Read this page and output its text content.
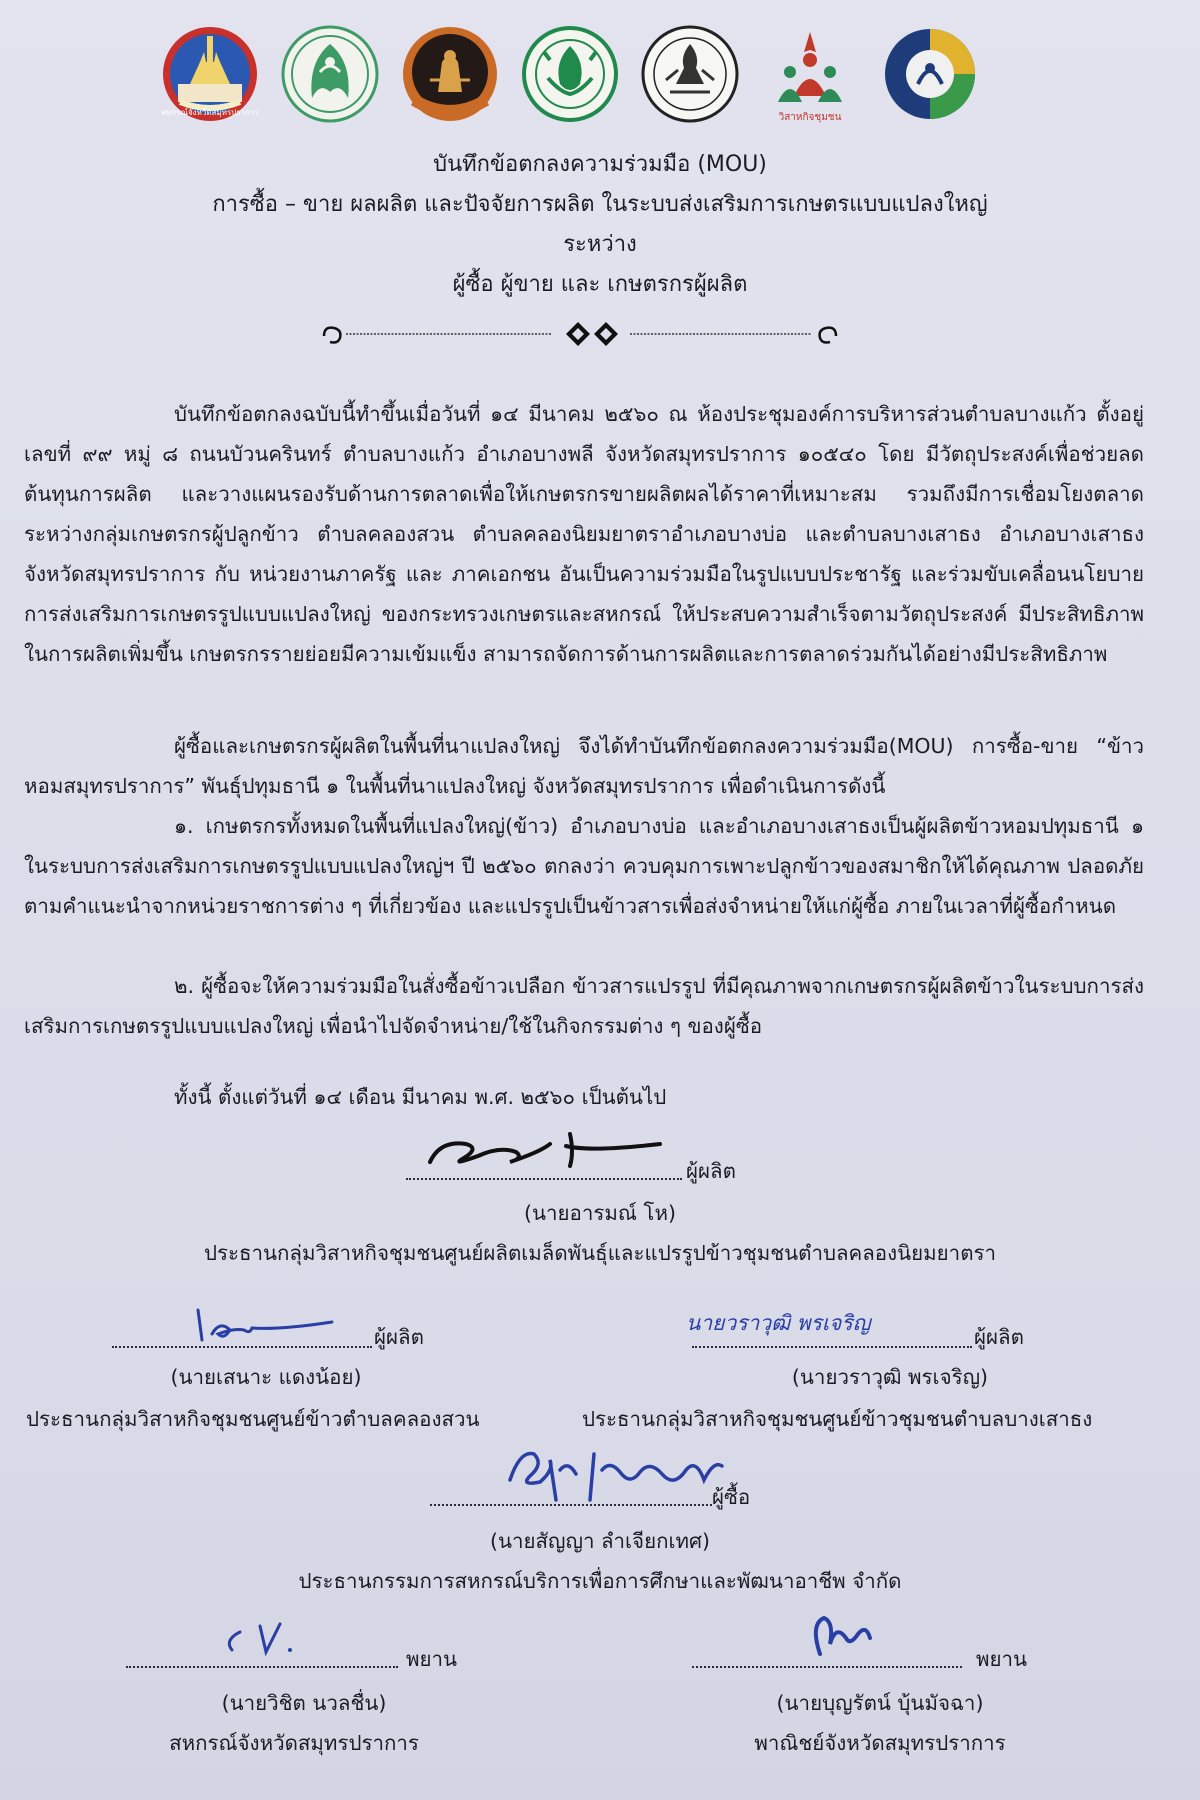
สหกรณ์จังหวัดสมุทรปราการ	วิสาหกิจชุมชน
บันทึกข้อตกลงความร่วมมือ (MOU)
การซื้อ – ขาย ผลผลิต และปัจจัยการผลิต ในระบบส่งเสริมการเกษตรแบบแปลงใหญ่
ระหว่าง
ผู้ซื้อ ผู้ขาย และ เกษตรกรผู้ผลิต
บันทึกข้อตกลงฉบับนี้ทำขึ้นเมื่อวันที่ ๑๔ มีนาคม ๒๕๖๐ ณ ห้องประชุมองค์การบริหารส่วนตำบลบางแก้ว ตั้งอยู่เลขที่ ๙๙ หมู่ ๘ ถนนบัวนครินทร์ ตำบลบางแก้ว อำเภอบางพลี จังหวัดสมุทรปราการ ๑๐๕๔๐ โดย มีวัตถุประสงค์เพื่อช่วยลดต้นทุนการผลิต และวางแผนรองรับด้านการตลาดเพื่อให้เกษตรกรขายผลิตผลได้ราคาที่เหมาะสม รวมถึงมีการเชื่อมโยงตลาดระหว่างกลุ่มเกษตรกรผู้ปลูกข้าว ตำบลคลองสวน ตำบลคลองนิยมยาตราอำเภอบางบ่อ และตำบลบางเสาธง อำเภอบางเสาธง จังหวัดสมุทรปราการ กับ หน่วยงานภาครัฐ และ ภาคเอกชน อันเป็นความร่วมมือในรูปแบบประชารัฐ และร่วมขับเคลื่อนนโยบายการส่งเสริมการเกษตรรูปแบบแปลงใหญ่ ของกระทรวงเกษตรและสหกรณ์ ให้ประสบความสำเร็จตามวัตถุประสงค์ มีประสิทธิภาพในการผลิตเพิ่มขึ้น เกษตรกรรายย่อยมีความเข้มแข็ง สามารถจัดการด้านการผลิตและการตลาดร่วมกันได้อย่างมีประสิทธิภาพ
ผู้ซื้อและเกษตรกรผู้ผลิตในพื้นที่นาแปลงใหญ่ จึงได้ทำบันทึกข้อตกลงความร่วมมือ(MOU) การซื้อ-ขาย “ข้าวหอมสมุทรปราการ” พันธุ์ปทุมธานี ๑ ในพื้นที่นาแปลงใหญ่ จังหวัดสมุทรปราการ เพื่อดำเนินการดังนี้
๑. เกษตรกรทั้งหมดในพื้นที่แปลงใหญ่(ข้าว) อำเภอบางบ่อ และอำเภอบางเสาธงเป็นผู้ผลิตข้าวหอมปทุมธานี ๑ ในระบบการส่งเสริมการเกษตรรูปแบบแปลงใหญ่ฯ ปี ๒๕๖๐ ตกลงว่า ควบคุมการเพาะปลูกข้าวของสมาชิกให้ได้คุณภาพ ปลอดภัย ตามคำแนะนำจากหน่วยราชการต่าง ๆ ที่เกี่ยวข้อง และแปรรูปเป็นข้าวสารเพื่อส่งจำหน่ายให้แก่ผู้ซื้อ ภายในเวลาที่ผู้ซื้อกำหนด
๒. ผู้ซื้อจะให้ความร่วมมือในสั่งซื้อข้าวเปลือก ข้าวสารแปรรูป ที่มีคุณภาพจากเกษตรกรผู้ผลิตข้าวในระบบการส่งเสริมการเกษตรรูปแบบแปลงใหญ่ เพื่อนำไปจัดจำหน่าย/ใช้ในกิจกรรมต่าง ๆ ของผู้ซื้อ
ทั้งนี้ ตั้งแต่วันที่ ๑๔ เดือน มีนาคม พ.ศ. ๒๕๖๐ เป็นต้นไป
ผู้ผลิต
(นายอารมณ์ โห)
ประธานกลุ่มวิสาหกิจชุมชนศูนย์ผลิตเมล็ดพันธุ์และแปรรูปข้าวชุมชนตำบลคลองนิยมยาตรา
ผู้ผลิต
(นายเสนาะ แดงน้อย)
ประธานกลุ่มวิสาหกิจชุมชนศูนย์ข้าวตำบลคลองสวน
นายวราวุฒิ พรเจริญ
ผู้ผลิต
(นายวราวุฒิ พรเจริญ)
ประธานกลุ่มวิสาหกิจชุมชนศูนย์ข้าวชุมชนตำบลบางเสาธง
ผู้ซื้อ
(นายสัญญา ลำเจียกเทศ)
ประธานกรรมการสหกรณ์บริการเพื่อการศึกษาและพัฒนาอาชีพ จำกัด
พยาน
(นายวิชิต นวลชื่น)
สหกรณ์จังหวัดสมุทรปราการ
พยาน
(นายบุญรัตน์ บุ้นมัจฉา)
พาณิชย์จังหวัดสมุทรปราการ
